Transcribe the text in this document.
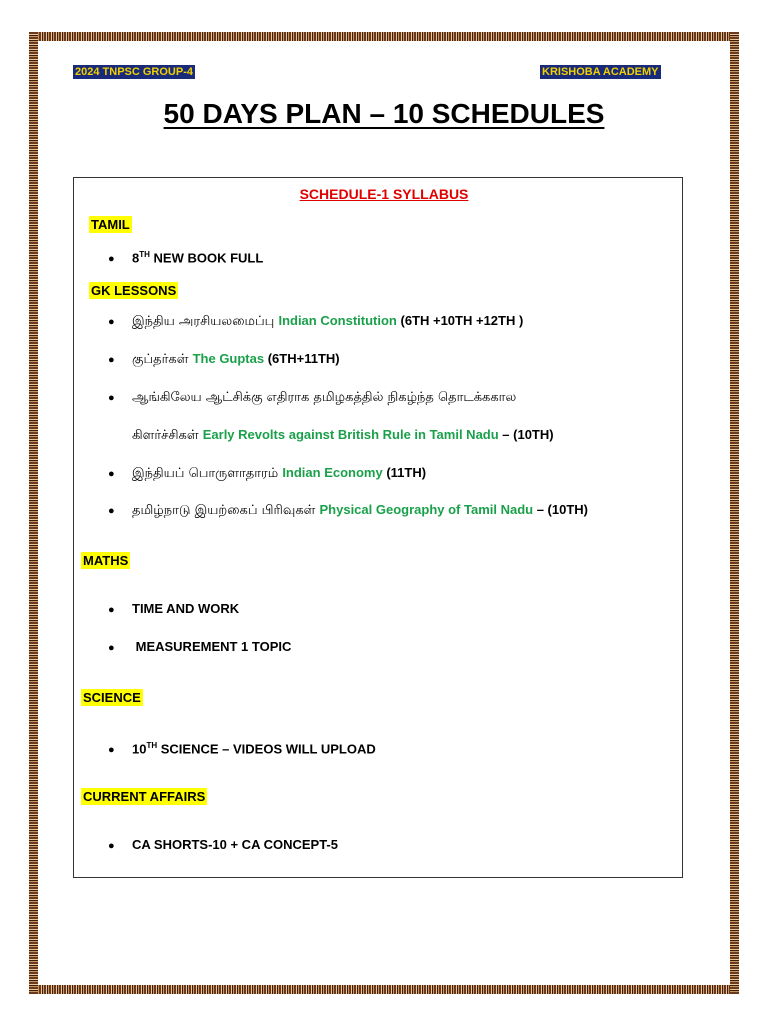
2024 TNPSC GROUP-4	KRISHOBA ACADEMY
50 DAYS PLAN – 10 SCHEDULES
SCHEDULE-1 SYLLABUS
TAMIL
● 8TH NEW BOOK FULL
GK LESSONS
● இந்திய அரசியலமைப்பு Indian Constitution (6TH +10TH +12TH )
● குப்தர்கள் The Guptas (6TH+11TH)
● ஆங்கிலேய ஆட்சிக்கு எதிராக தமிழகத்தில் நிகழ்ந்த தொடக்ககால
கிளர்ச்சிகள் Early Revolts against British Rule in Tamil Nadu – (10TH)
● இந்தியப் பொருளாதாரம் Indian Economy (11TH)
● தமிழ்நாடு இயற்கைப் பிரிவுகள் Physical Geography of Tamil Nadu – (10TH)
MATHS
● TIME AND WORK
● MEASUREMENT 1 TOPIC
SCIENCE
● 10TH SCIENCE – VIDEOS WILL UPLOAD
CURRENT AFFAIRS
● CA SHORTS-10 + CA CONCEPT-5
